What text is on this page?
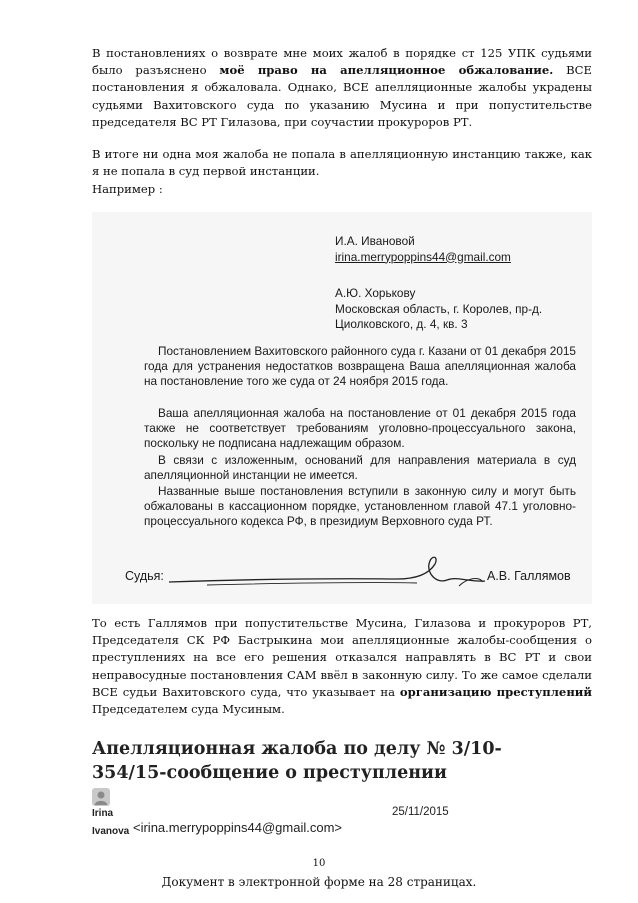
В постановлениях о возврате мне моих жалоб в порядке ст 125 УПК судьями было разъяснено моё право на апелляционное обжалование. ВСЕ постановления я обжаловала. Однако, ВСЕ апелляционные жалобы украдены судьями Вахитовского суда по указанию Мусина и при попустительстве председателя ВС РТ Гилазова, при соучастии прокуроров РТ.
В итоге ни одна моя жалоба не попала в апелляционную инстанцию также, как я не попала в суд первой инстанции.
Например :
И.А. Ивановой
irina.merrypoppins44@gmail.com
А.Ю. Хорькову
Московская область, г. Королев, пр-д.
Циолковского, д. 4, кв. 3
Постановлением Вахитовского районного суда г. Казани от 01 декабря 2015 года для устранения недостатков возвращена Ваша апелляционная жалоба на постановление того же суда от 24 ноября 2015 года.
Ваша апелляционная жалоба на постановление от 01 декабря 2015 года также не соответствует требованиям уголовно-процессуального закона, поскольку не подписана надлежащим образом.
В связи с изложенным, оснований для направления материала в суд апелляционной инстанции не имеется.
Названные выше постановления вступили в законную силу и могут быть обжалованы в кассационном порядке, установленном главой 47.1 уголовно-процессуального кодекса РФ, в президиум Верховного суда РТ.
Судья:	А.В. Галлямов
То есть Галлямов при попустительстве Мусина, Гилазова и прокуроров РТ, Председателя СК РФ Бастрыкина мои апелляционные жалобы-сообщения о преступлениях на все его решения отказался направлять в ВС РТ и свои неправосудные постановления САМ ввёл в законную силу. То же самое сделали ВСЕ судьи Вахитовского суда, что указывает на организацию преступлений Председателем суда Мусиным.
Апелляционная жалоба по делу № 3/10-354/15-сообщение о преступлении
Irina
Ivanova <irina.merrypoppins44@gmail.com>
25/11/2015
10
Документ в электронной форме на 28 страницах.
